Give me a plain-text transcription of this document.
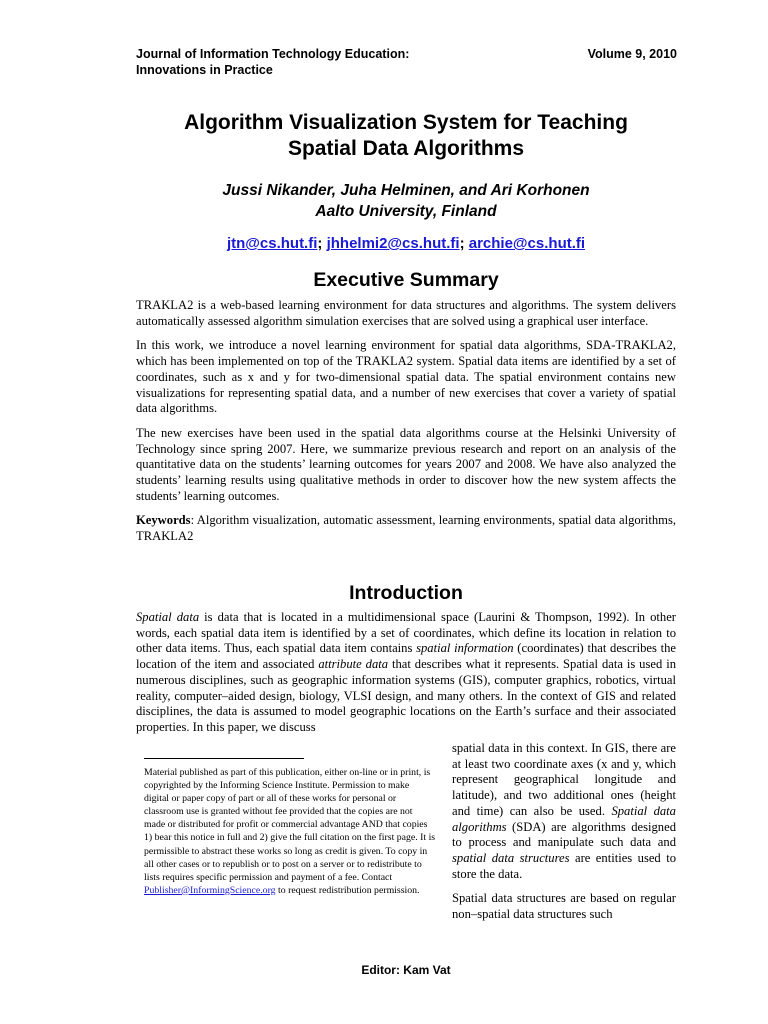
Journal of Information Technology Education:
Innovations in Practice
Volume 9, 2010
Algorithm Visualization System for Teaching
Spatial Data Algorithms
Jussi Nikander, Juha Helminen, and Ari Korhonen
Aalto University, Finland
jtn@cs.hut.fi; jhhelmi2@cs.hut.fi; archie@cs.hut.fi
Executive Summary

TRAKLA2 is a web-based learning environment for data structures and algorithms. The system delivers automatically assessed algorithm simulation exercises that are solved using a graphical user interface.

In this work, we introduce a novel learning environment for spatial data algorithms, SDA-TRAKLA2, which has been implemented on top of the TRAKLA2 system. Spatial data items are identified by a set of coordinates, such as x and y for two-dimensional spatial data. The spatial environment contains new visualizations for representing spatial data, and a number of new exercises that cover a variety of spatial data algorithms.

The new exercises have been used in the spatial data algorithms course at the Helsinki University of Technology since spring 2007. Here, we summarize previous research and report on an analysis of the quantitative data on the students’ learning outcomes for years 2007 and 2008. We have also analyzed the students’ learning results using qualitative methods in order to discover how the new system affects the students’ learning outcomes.

Keywords: Algorithm visualization, automatic assessment, learning environments, spatial data algorithms, TRAKLA2

Introduction

Spatial data is data that is located in a multidimensional space (Laurini & Thompson, 1992). In other words, each spatial data item is identified by a set of coordinates, which define its location in relation to other data items. Thus, each spatial data item contains spatial information (coordinates) that describes the location of the item and associated attribute data that describes what it represents. Spatial data is used in numerous disciplines, such as geographic information systems (GIS), computer graphics, robotics, virtual reality, computer–aided design, biology, VLSI design, and many others. In the context of GIS and related disciplines, the data is assumed to model geographic locations on the Earth’s surface and their associated properties. In this paper, we discuss

spatial data in this context. In GIS, there are at least two coordinate axes (x and y, which represent geographical longitude and latitude), and two additional ones (height and time) can also be used. Spatial data algorithms (SDA) are algorithms designed to process and manipulate such data and spatial data structures are entities used to store the data.

Spatial data structures are based on regular non–spatial data structures such

Material published as part of this publication, either on-line or in print, is copyrighted by the Informing Science Institute. Permission to make digital or paper copy of part or all of these works for personal or classroom use is granted without fee provided that the copies are not made or distributed for profit or commercial advantage AND that copies 1) bear this notice in full and 2) give the full citation on the first page. It is permissible to abstract these works so long as credit is given. To copy in all other cases or to republish or to post on a server or to redistribute to lists requires specific permission and payment of a fee. Contact Publisher@InformingScience.org to request redistribution permission.
Editor: Kam Vat
